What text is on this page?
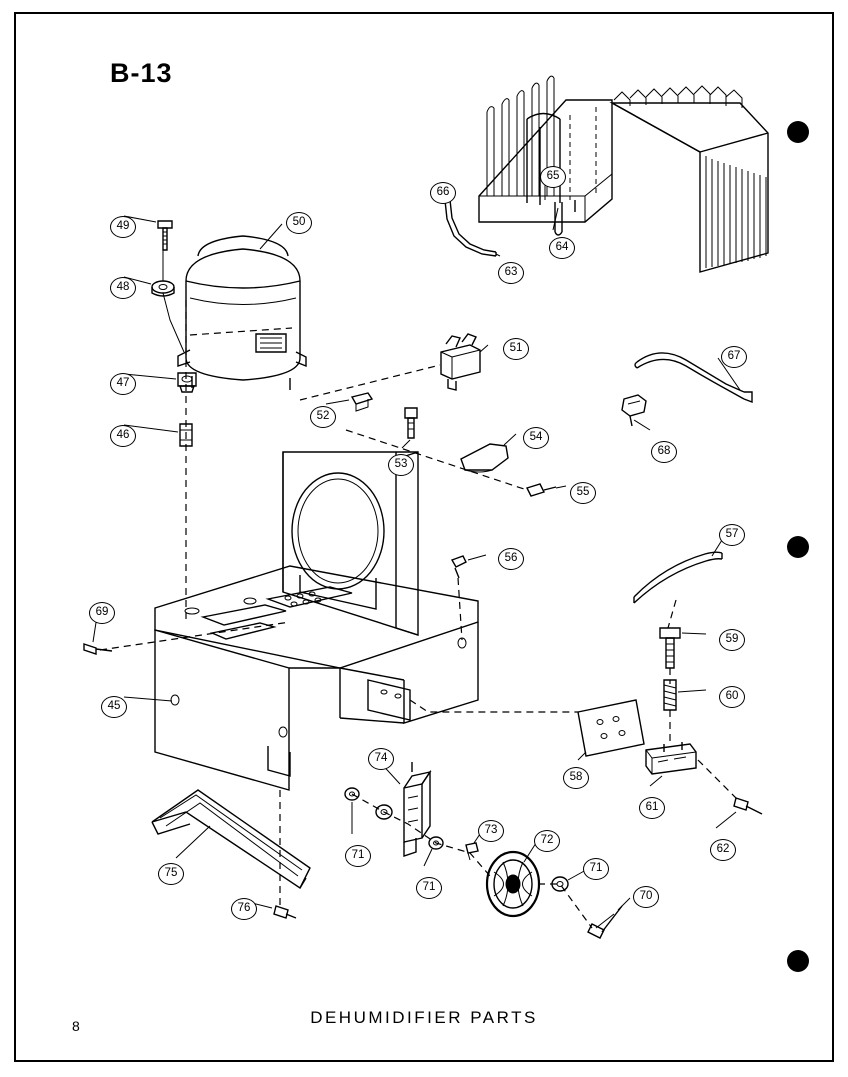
B-13
45
46
47
48
49	50
51
52
53
54
55
56
57
58
59
60
61
62
63
64
65
66
67
68
69
70
71
71
71
72
73
74
75
76
DEHUMIDIFIER PARTS
8
